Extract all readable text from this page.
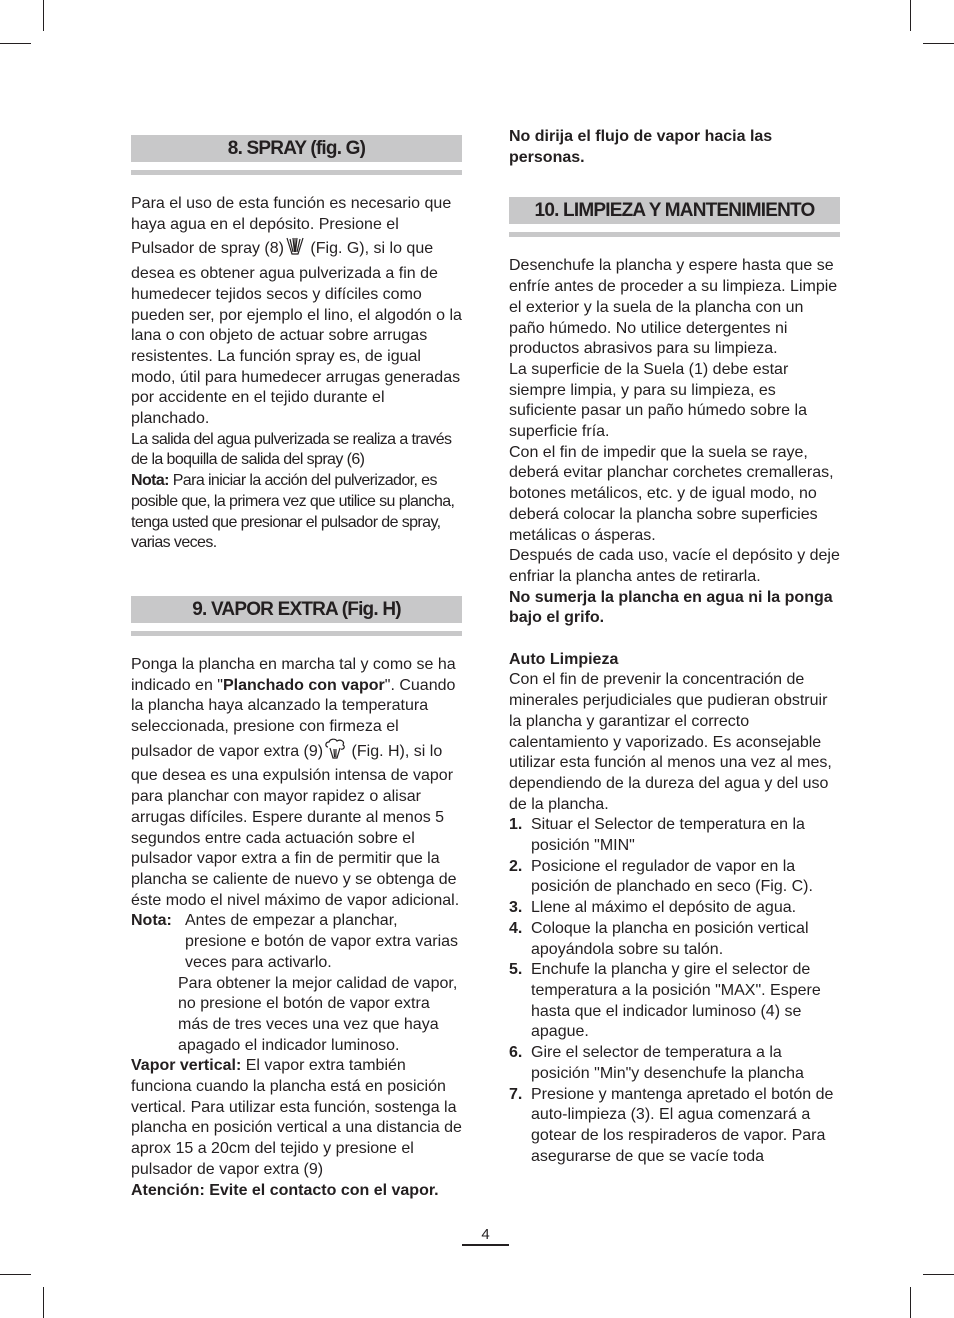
8. SPRAY (fig. G)

Para el uso de esta función es necesario que haya agua en el depósito. Presione el Pulsador de spray (8) (Fig. G), si lo que desea es obtener agua pulverizada a fin de humedecer tejidos secos y difíciles como pueden ser, por ejemplo el lino, el algodón o la lana o con objeto de actuar sobre arrugas resistentes. La función spray es, de igual modo, útil para humedecer arrugas generadas por accidente en el tejido durante el planchado.

La salida del agua pulverizada se realiza a través de la boquilla de salida del spray (6)

Nota: Para iniciar la acción del pulverizador, es posible que, la primera vez que utilice su plancha, tenga usted que presionar el pulsador de spray, varias veces.

9. VAPOR EXTRA (Fig. H)

Ponga la plancha en marcha tal y como se ha indicado en "Planchado con vapor". Cuando la plancha haya alcanzado la temperatura seleccionada, presione con firmeza el pulsador de vapor extra (9) (Fig. H), si lo que desea es una expulsión intensa de vapor para planchar con mayor rapidez o alisar arrugas difíciles. Espere durante al menos 5 segundos entre cada actuación sobre el pulsador vapor extra a fin de permitir que la plancha se caliente de nuevo y se obtenga de éste modo el nivel máximo de vapor adicional.

Nota: Antes de empezar a planchar, presione e botón de vapor extra varias veces para activarlo.

Para obtener la mejor calidad de vapor, no presione el botón de vapor extra más de tres veces una vez que haya apagado el indicador luminoso.

Vapor vertical: El vapor extra también funciona cuando la plancha está en posición vertical. Para utilizar esta función, sostenga la plancha en posición vertical a una distancia de aprox 15 a 20cm del tejido y presione el pulsador de vapor extra (9)

Atención: Evite el contacto con el vapor.

No dirija el flujo de vapor hacia las personas.

10. LIMPIEZA Y MANTENIMIENTO

Desenchufe la plancha y espere hasta que se enfríe antes de proceder a su limpieza. Limpie el exterior y la suela de la plancha con un paño húmedo. No utilice detergentes ni productos abrasivos para su limpieza.

La superficie de la Suela (1) debe estar siempre limpia, y para su limpieza, es suficiente pasar un paño húmedo sobre la superficie fría.

Con el fin de impedir que la suela se raye, deberá evitar planchar corchetes cremalleras, botones metálicos, etc. y de igual modo, no deberá colocar la plancha sobre superficies metálicas o ásperas.

Después de cada uso, vacíe el depósito y deje enfriar la plancha antes de retirarla.

No sumerja la plancha en agua ni la ponga bajo el grifo.

Auto Limpieza

Con el fin de prevenir la concentración de minerales perjudiciales que pudieran obstruir la plancha y garantizar el correcto calentamiento y vaporizado. Es aconsejable utilizar esta función al menos una vez al mes, dependiendo de la dureza del agua y del uso de la plancha.

1. Situar el Selector de temperatura en la posición "MIN"
2. Posicione el regulador de vapor en la posición de planchado en seco (Fig. C).
3. Llene al máximo el depósito de agua.
4. Coloque la plancha en posición vertical apoyándola sobre su talón.
5. Enchufe la plancha y gire el selector de temperatura a la posición "MAX". Espere hasta que el indicador luminoso (4) se apague.
6. Gire el selector de temperatura a la posición "Min"y desenchufe la plancha
7. Presione y mantenga apretado el botón de auto-limpieza (3). El agua comenzará a gotear de los respiraderos de vapor. Para asegurarse de que se vacíe toda
4
